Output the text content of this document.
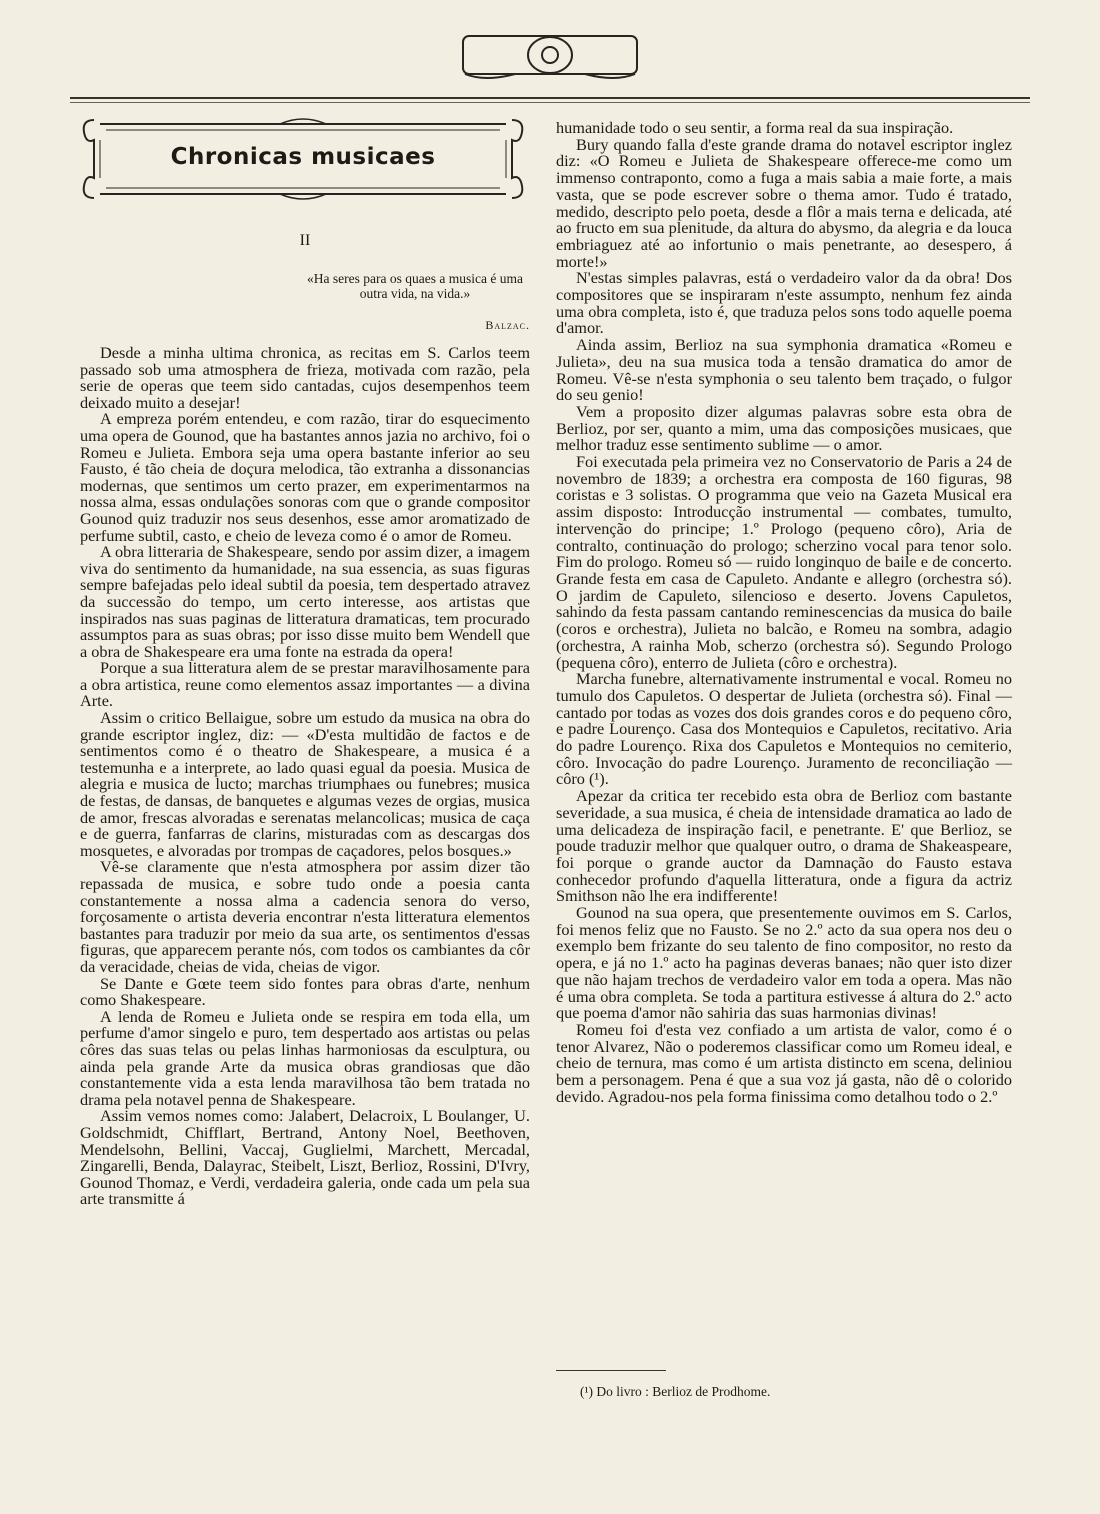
Chronicas musicaes
II
«Ha seres para os quaes a musica é uma outra vida, na vida.»
Balzac.

Desde a minha ultima chronica, as recitas em S. Carlos teem passado sob uma atmosphera de frieza, motivada com razão, pela serie de operas que teem sido cantadas, cujos desempenhos teem deixado muito a desejar!

A empreza porém entendeu, e com razão, tirar do esquecimento uma opera de Gounod, que ha bastantes annos jazia no archivo, foi o Romeu e Julieta. Embora seja uma opera bastante inferior ao seu Fausto, é tão cheia de doçura melodica, tão extranha a dissonancias modernas, que sentimos um certo prazer, em experimentarmos na nossa alma, essas ondulações sonoras com que o grande compositor Gounod quiz traduzir nos seus desenhos, esse amor aromatizado de perfume subtil, casto, e cheio de leveza como é o amor de Romeu.

A obra litteraria de Shakespeare, sendo por assim dizer, a imagem viva do sentimento da humanidade, na sua essencia, as suas figuras sempre bafejadas pelo ideal subtil da poesia, tem despertado atravez da successão do tempo, um certo interesse, aos artistas que inspirados nas suas paginas de litteratura dramaticas, tem procurado assumptos para as suas obras; por isso disse muito bem Wendell que a obra de Shakespeare era uma fonte na estrada da opera!

Porque a sua litteratura alem de se prestar maravilhosamente para a obra artistica, reune como elementos assaz importantes — a divina Arte.

Assim o critico Bellaigue, sobre um estudo da musica na obra do grande escriptor inglez, diz: — «D'esta multidão de factos e de sentimentos como é o theatro de Shakespeare, a musica é a testemunha e a interprete, ao lado quasi egual da poesia. Musica de alegria e musica de lucto; marchas triumphaes ou funebres; musica de festas, de dansas, de banquetes e algumas vezes de orgias, musica de amor, frescas alvoradas e serenatas melancolicas; musica de caça e de guerra, fanfarras de clarins, misturadas com as descargas dos mosquetes, e alvoradas por trompas de caçadores, pelos bosques.»

Vê-se claramente que n'esta atmosphera por assim dizer tão repassada de musica, e sobre tudo onde a poesia canta constantemente a nossa alma a cadencia senora do verso, forçosamente o artista deveria encontrar n'esta litteratura elementos bastantes para traduzir por meio da sua arte, os sentimentos d'essas figuras, que apparecem perante nós, com todos os cambiantes da côr da veracidade, cheias de vida, cheias de vigor.

Se Dante e Gœte teem sido fontes para obras d'arte, nenhum como Shakespeare.

A lenda de Romeu e Julieta onde se respira em toda ella, um perfume d'amor singelo e puro, tem despertado aos artistas ou pelas côres das suas telas ou pelas linhas harmoniosas da esculptura, ou ainda pela grande Arte da musica obras grandiosas que dão constantemente vida a esta lenda maravilhosa tão bem tratada no drama pela notavel penna de Shakespeare.

Assim vemos nomes como: Jalabert, Delacroix, L Boulanger, U. Goldschmidt, Chifflart, Bertrand, Antony Noel, Beethoven, Mendelsohn, Bellini, Vaccaj, Guglielmi, Marchett, Mercadal, Zingarelli, Benda, Dalayrac, Steibelt, Liszt, Berlioz, Rossini, D'Ivry, Gounod Thomaz, e Verdi, verdadeira galeria, onde cada um pela sua arte transmitte á

humanidade todo o seu sentir, a forma real da sua inspiração.

Bury quando falla d'este grande drama do notavel escriptor inglez diz: «O Romeu e Julieta de Shakespeare offerece-me como um immenso contraponto, como a fuga a mais sabia a maie forte, a mais vasta, que se pode escrever sobre o thema amor. Tudo é tratado, medido, descripto pelo poeta, desde a flôr a mais terna e delicada, até ao fructo em sua plenitude, da altura do abysmo, da alegria e da louca embriaguez até ao infortunio o mais penetrante, ao desespero, á morte!»

N'estas simples palavras, está o verdadeiro valor da da obra! Dos compositores que se inspiraram n'este assumpto, nenhum fez ainda uma obra completa, isto é, que traduza pelos sons todo aquelle poema d'amor.

Ainda assim, Berlioz na sua symphonia dramatica «Romeu e Julieta», deu na sua musica toda a tensão dramatica do amor de Romeu. Vê-se n'esta symphonia o seu talento bem traçado, o fulgor do seu genio!

Vem a proposito dizer algumas palavras sobre esta obra de Berlioz, por ser, quanto a mim, uma das composições musicaes, que melhor traduz esse sentimento sublime — o amor.

Foi executada pela primeira vez no Conservatorio de Paris a 24 de novembro de 1839; a orchestra era composta de 160 figuras, 98 coristas e 3 solistas. O programma que veio na Gazeta Musical era assim disposto: Introducção instrumental — combates, tumulto, intervenção do principe; 1.º Prologo (pequeno côro), Aria de contralto, continuação do prologo; scherzino vocal para tenor solo. Fim do prologo. Romeu só — ruido longinquo de baile e de concerto. Grande festa em casa de Capuleto. Andante e allegro (orchestra só). O jardim de Capuleto, silencioso e deserto. Jovens Capuletos, sahindo da festa passam cantando reminescencias da musica do baile (coros e orchestra), Julieta no balcão, e Romeu na sombra, adagio (orchestra, A rainha Mob, scherzo (orchestra só). Segundo Prologo (pequena côro), enterro de Julieta (côro e orchestra).

Marcha funebre, alternativamente instrumental e vocal. Romeu no tumulo dos Capuletos. O despertar de Julieta (orchestra só). Final — cantado por todas as vozes dos dois grandes coros e do pequeno côro, e padre Lourenço. Casa dos Montequios e Capuletos, recitativo. Aria do padre Lourenço. Rixa dos Capuletos e Montequios no cemiterio, côro. Invocação do padre Lourenço. Juramento de reconciliação — côro (¹).

Apezar da critica ter recebido esta obra de Berlioz com bastante severidade, a sua musica, é cheia de intensidade dramatica ao lado de uma delicadeza de inspiração facil, e penetrante. E' que Berlioz, se poude traduzir melhor que qualquer outro, o drama de Shakeaspeare, foi porque o grande auctor da Damnação do Fausto estava conhecedor profundo d'aquella litteratura, onde a figura da actriz Smithson não lhe era indifferente!

Gounod na sua opera, que presentemente ouvimos em S. Carlos, foi menos feliz que no Fausto. Se no 2.º acto da sua opera nos deu o exemplo bem frizante do seu talento de fino compositor, no resto da opera, e já no 1.º acto ha paginas deveras banaes; não quer isto dizer que não hajam trechos de verdadeiro valor em toda a opera. Mas não é uma obra completa. Se toda a partitura estivesse á altura do 2.º acto que poema d'amor não sahiria das suas harmonias divinas!

Romeu foi d'esta vez confiado a um artista de valor, como é o tenor Alvarez, Não o poderemos classificar como um Romeu ideal, e cheio de ternura, mas como é um artista distincto em scena, deliniou bem a personagem. Pena é que a sua voz já gasta, não dê o colorido devido. Agradou-nos pela forma finissima como detalhou todo o 2.º

(¹) Do livro : Berlioz de Prodhome.
